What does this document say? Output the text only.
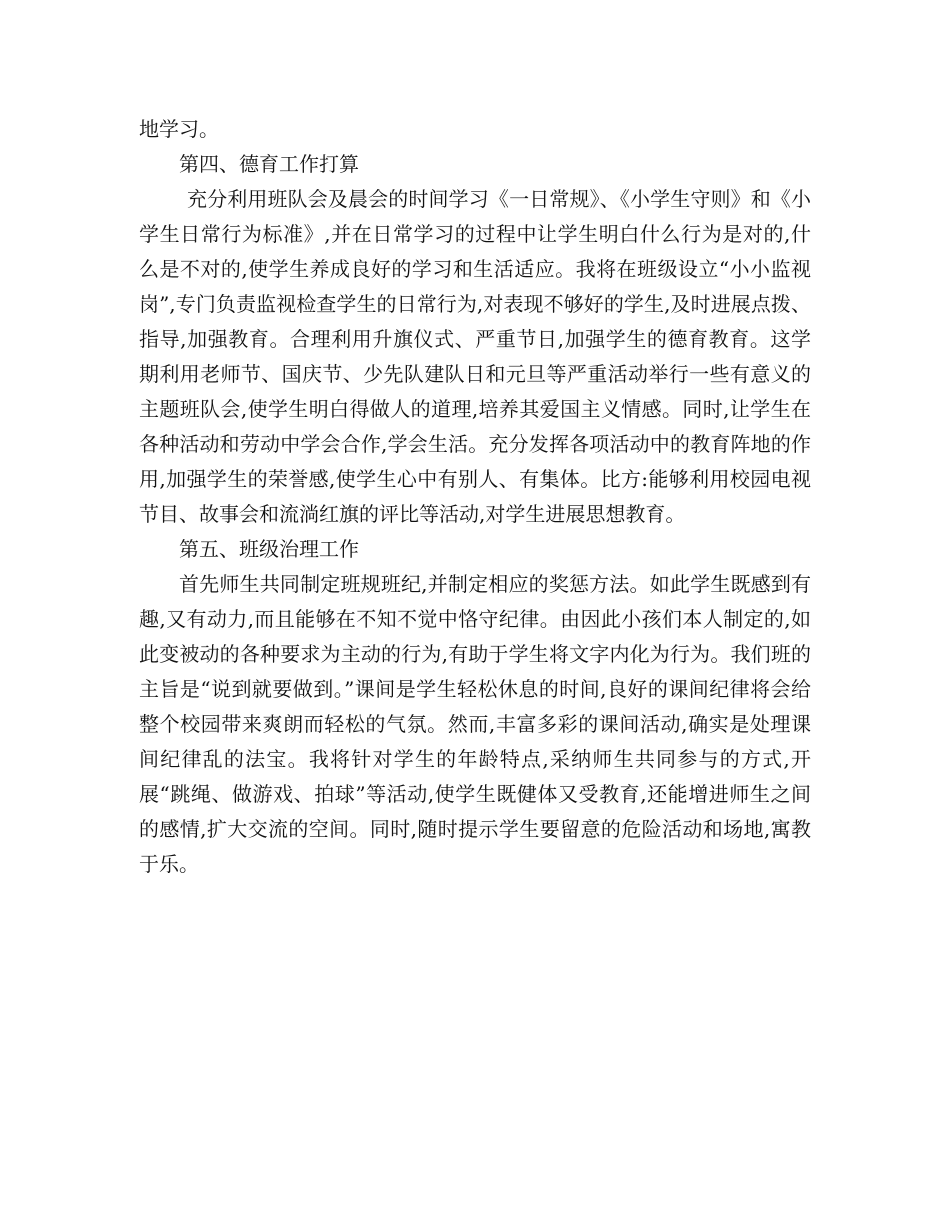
地学习。

第四、德育工作打算

充分利用班队会及晨会的时间学习《一日常规》、《小学生守则》和《小学生日常行为标准》,并在日常学习的过程中让学生明白什么行为是对的,什么是不对的,使学生养成良好的学习和生活适应。我将在班级设立“小小监视岗”,专门负责监视检查学生的日常行为,对表现不够好的学生,及时进展点拨、指导,加强教育。合理利用升旗仪式、严重节日,加强学生的德育教育。这学期利用老师节、国庆节、少先队建队日和元旦等严重活动举行一些有意义的主题班队会,使学生明白得做人的道理,培养其爱国主义情感。同时,让学生在各种活动和劳动中学会合作,学会生活。充分发挥各项活动中的教育阵地的作用,加强学生的荣誉感,使学生心中有别人、有集体。比方:能够利用校园电视节目、故事会和流淌红旗的评比等活动,对学生进展思想教育。

第五、班级治理工作

首先师生共同制定班规班纪,并制定相应的奖惩方法。如此学生既感到有趣,又有动力,而且能够在不知不觉中恪守纪律。由因此小孩们本人制定的,如此变被动的各种要求为主动的行为,有助于学生将文字内化为行为。我们班的主旨是“说到就要做到。”课间是学生轻松休息的时间,良好的课间纪律将会给整个校园带来爽朗而轻松的气氛。然而,丰富多彩的课间活动,确实是处理课间纪律乱的法宝。我将针对学生的年龄特点,采纳师生共同参与的方式,开展“跳绳、做游戏、拍球”等活动,使学生既健体又受教育,还能增进师生之间的感情,扩大交流的空间。同时,随时提示学生要留意的危险活动和场地,寓教于乐。
